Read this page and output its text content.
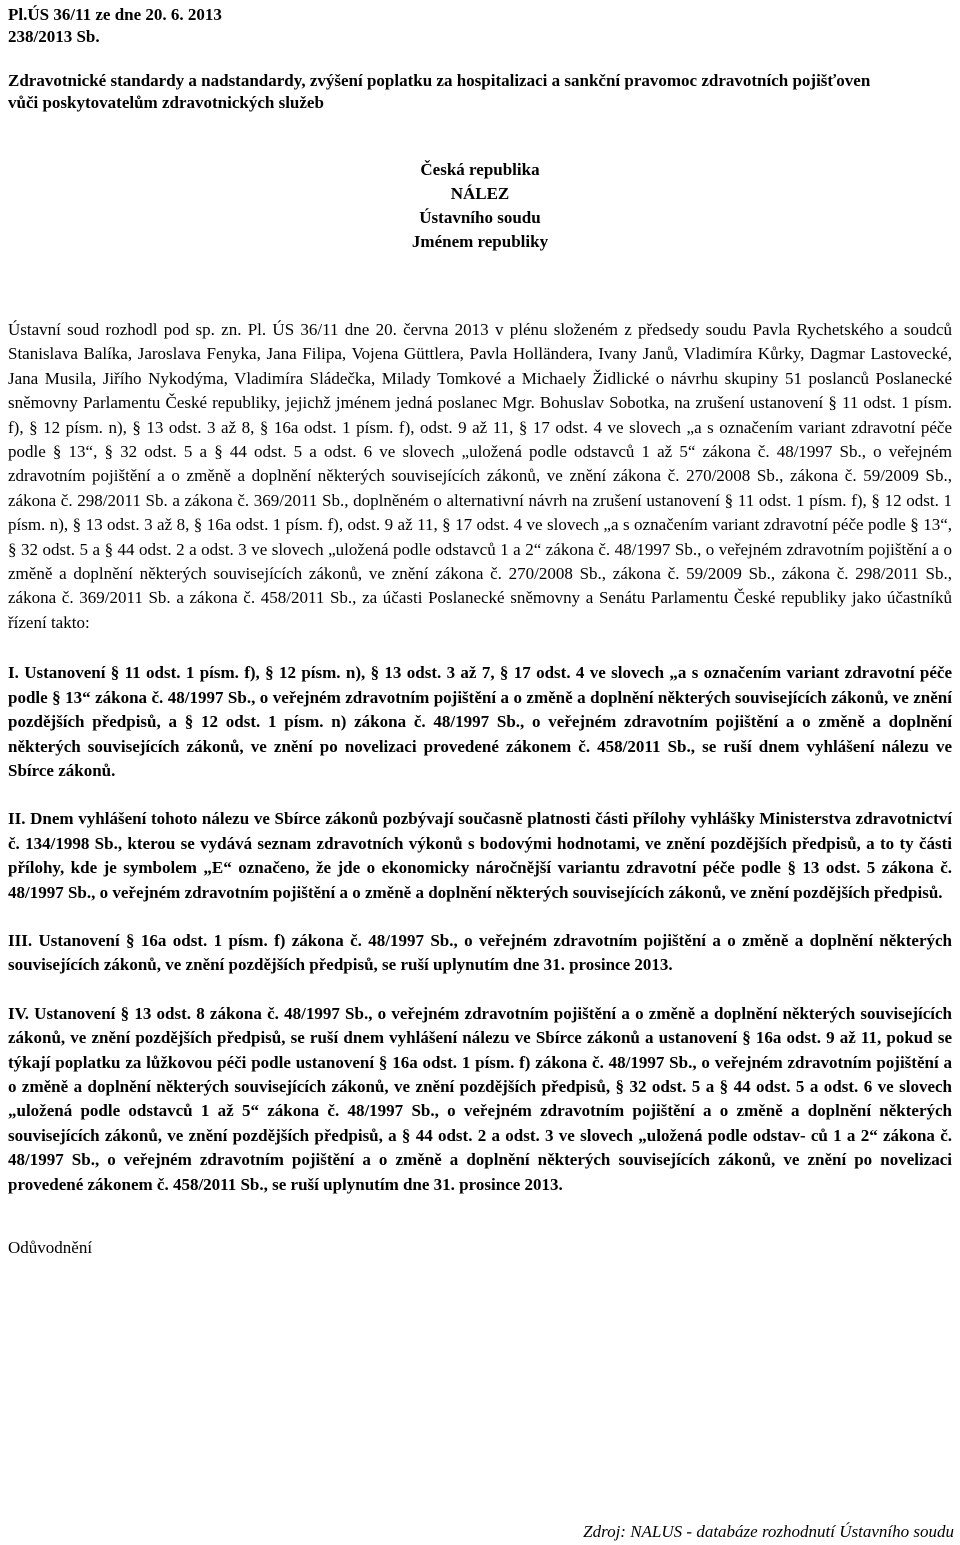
Pl.ÚS 36/11 ze dne 20. 6. 2013
238/2013 Sb.
Zdravotnické standardy a nadstandardy, zvýšení poplatku za hospitalizaci a sankční pravomoc zdravotních pojišťoven vůči poskytovatelům zdravotnických služeb
Česká republika
NÁLEZ
Ústavního soudu
Jménem republiky
Ústavní soud rozhodl pod sp. zn. Pl. ÚS 36/11 dne 20. června 2013 v plénu složeném z předsedy soudu Pavla Rychetského a soudců Stanislava Balíka, Jaroslava Fenyka, Jana Filipa, Vojena Güttlera, Pavla Holländera, Ivany Janů, Vladimíra Kůrky, Dagmar Lastovecké, Jana Musila, Jiřího Nykodýma, Vladimíra Sládečka, Milady Tomkové a Michaely Židlické o návrhu skupiny 51 poslanců Poslanecké sněmovny Parlamentu České republiky, jejichž jménem jedná poslanec Mgr. Bohuslav Sobotka, na zrušení ustanovení § 11 odst. 1 písm. f), § 12 písm. n), § 13 odst. 3 až 8, § 16a odst. 1 písm. f), odst. 9 až 11, § 17 odst. 4 ve slovech „a s označením variant zdravotní péče podle § 13“, § 32 odst. 5 a § 44 odst. 5 a odst. 6 ve slovech „uložená podle odstavců 1 až 5“ zákona č. 48/1997 Sb., o veřejném zdravotním pojištění a o změně a doplnění některých souvisejících zákonů, ve znění zákona č. 270/2008 Sb., zákona č. 59/2009 Sb., zákona č. 298/2011 Sb. a zákona č. 369/2011 Sb., doplněném o alternativní návrh na zrušení ustanovení § 11 odst. 1 písm. f), § 12 odst. 1 písm. n), § 13 odst. 3 až 8, § 16a odst. 1 písm. f), odst. 9 až 11, § 17 odst. 4 ve slovech „a s označením variant zdravotní péče podle § 13“, § 32 odst. 5 a § 44 odst. 2 a odst. 3 ve slovech „uložená podle odstavců 1 a 2“ zákona č. 48/1997 Sb., o veřejném zdravotním pojištění a o změně a doplnění některých souvisejících zákonů, ve znění zákona č. 270/2008 Sb., zákona č. 59/2009 Sb., zákona č. 298/2011 Sb., zákona č. 369/2011 Sb. a zákona č. 458/2011 Sb., za účasti Poslanecké sněmovny a Senátu Parlamentu České republiky jako účastníků řízení takto:
I. Ustanovení § 11 odst. 1 písm. f), § 12 písm. n), § 13 odst. 3 až 7, § 17 odst. 4 ve slovech „a s označením variant zdravotní péče podle § 13“ zákona č. 48/1997 Sb., o veřejném zdravotním pojištění a o změně a doplnění některých souvisejících zákonů, ve znění pozdějších předpisů, a § 12 odst. 1 písm. n) zákona č. 48/1997 Sb., o veřejném zdravotním pojištění a o změně a doplnění některých souvisejících zákonů, ve znění po novelizaci provedené zákonem č. 458/2011 Sb., se ruší dnem vyhlášení nálezu ve Sbírce zákonů.
II. Dnem vyhlášení tohoto nálezu ve Sbírce zákonů pozbývají současně platnosti části přílohy vyhlášky Ministerstva zdravotnictví č. 134/1998 Sb., kterou se vydává seznam zdravotních výkonů s bodovými hodnotami, ve znění pozdějších předpisů, a to ty části přílohy, kde je symbolem „E“ označeno, že jde o ekonomicky náročnější variantu zdravotní péče podle § 13 odst. 5 zákona č. 48/1997 Sb., o veřejném zdravotním pojištění a o změně a doplnění některých souvisejících zákonů, ve znění pozdějších předpisů.
III. Ustanovení § 16a odst. 1 písm. f) zákona č. 48/1997 Sb., o veřejném zdravotním pojištění a o změně a doplnění některých souvisejících zákonů, ve znění pozdějších předpisů, se ruší uplynutím dne 31. prosince 2013.
IV. Ustanovení § 13 odst. 8 zákona č. 48/1997 Sb., o veřejném zdravotním pojištění a o změně a doplnění některých souvisejících zákonů, ve znění pozdějších předpisů, se ruší dnem vyhlášení nálezu ve Sbírce zákonů a ustanovení § 16a odst. 9 až 11, pokud se týkají poplatku za lůžkovou péči podle ustanovení § 16a odst. 1 písm. f) zákona č. 48/1997 Sb., o veřejném zdravotním pojištění a o změně a doplnění některých souvisejících zákonů, ve znění pozdějších předpisů, § 32 odst. 5 a § 44 odst. 5 a odst. 6 ve slovech „uložená podle odstavců 1 až 5“ zákona č. 48/1997 Sb., o veřejném zdravotním pojištění a o změně a doplnění některých souvisejících zákonů, ve znění pozdějších předpisů, a § 44 odst. 2 a odst. 3 ve slovech „uložená podle odstav- ců 1 a 2“ zákona č. 48/1997 Sb., o veřejném zdravotním pojištění a o změně a doplnění některých souvisejících zákonů, ve znění po novelizaci provedené zákonem č. 458/2011 Sb., se ruší uplynutím dne 31. prosince 2013.
Odůvodnění
Zdroj: NALUS - databáze rozhodnutí Ústavního soudu
